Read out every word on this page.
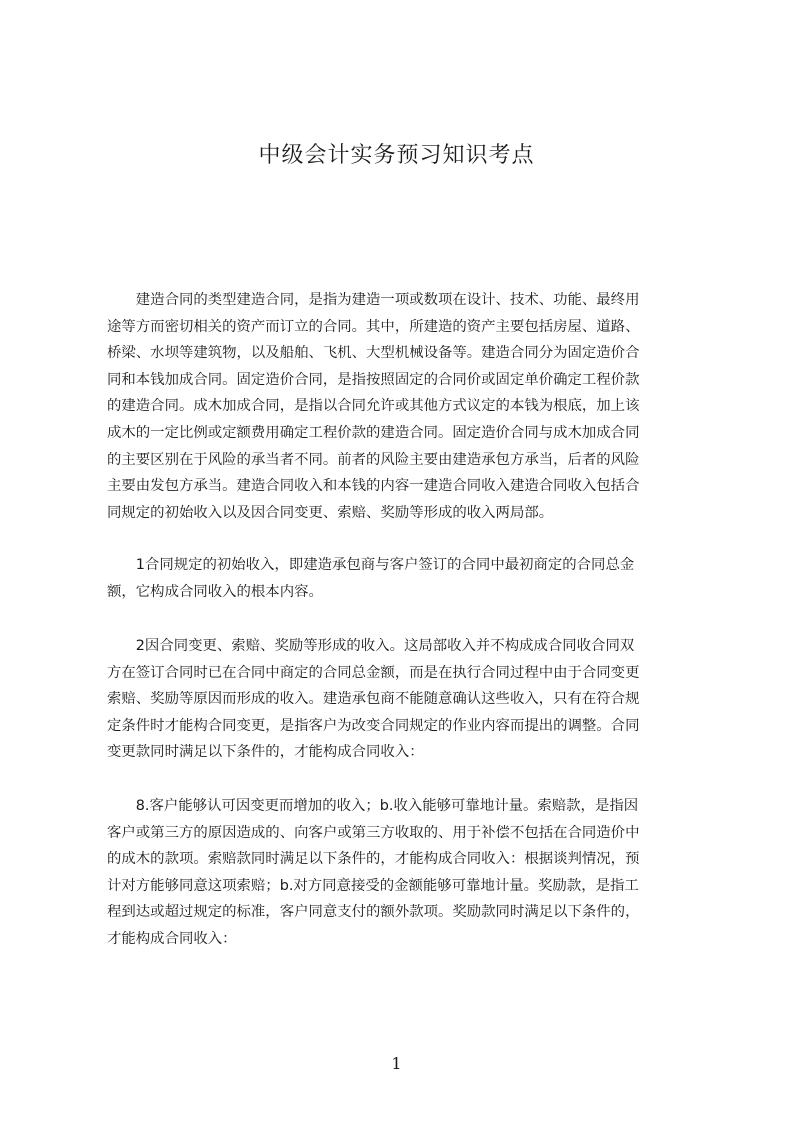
中级会计实务预习知识考点

　　建造合同的类型建造合同，是指为建造一项或数项在设计、技术、功能、最终用
途等方而密切相关的资产而订立的合同。其中，所建造的资产主要包括房屋、道路、
桥梁、水坝等建筑物，以及船舶、飞机、大型机械设备等。建造合同分为固定造价合
同和本钱加成合同。固定造价合同，是指按照固定的合同价或固定单价确定工程价款
的建造合同。成木加成合同，是指以合同允许或其他方式议定的本钱为根底，加上该
成木的一定比例或定额费用确定工程价款的建造合同。固定造价合同与成木加成合同
的主要区别在于风险的承当者不同。前者的风险主要由建造承包方承当，后者的风险
主要由发包方承当。建造合同收入和本钱的内容一建造合同收入建造合同收入包括合
同规定的初始收入以及因合同变更、索赔、奖励等形成的收入两局部。

　　1合同规定的初始收入，即建造承包商与客户签订的合同中最初商定的合同总金
额，它构成合同收入的根本内容。

　　2因合同变更、索赔、奖励等形成的收入。这局部收入并不构成成合同收合同双
方在签订合同时已在合同中商定的合同总金额，而是在执行合同过程中由于合同变更
索赔、奖励等原因而形成的收入。建造承包商不能随意确认这些收入，只有在符合规
定条件时才能构合同变更，是指客户为改变合同规定的作业内容而提出的调整。合同
变更款同时满足以下条件的，才能构成合同收入：

　　8.客户能够认可因变更而增加的收入；b.收入能够可靠地计量。索赔款，是指因
客户或第三方的原因造成的、向客户或第三方收取的、用于补偿不包括在合同造价中
的成木的款项。索赔款同时满足以下条件的，才能构成合同收入：根据谈判情况，预
计对方能够同意这项索赔；b.对方同意接受的金额能够可靠地计量。奖励款，是指工
程到达或超过规定的标准，客户同意支付的额外款项。奖励款同时满足以下条件的，
才能构成合同收入：

1
